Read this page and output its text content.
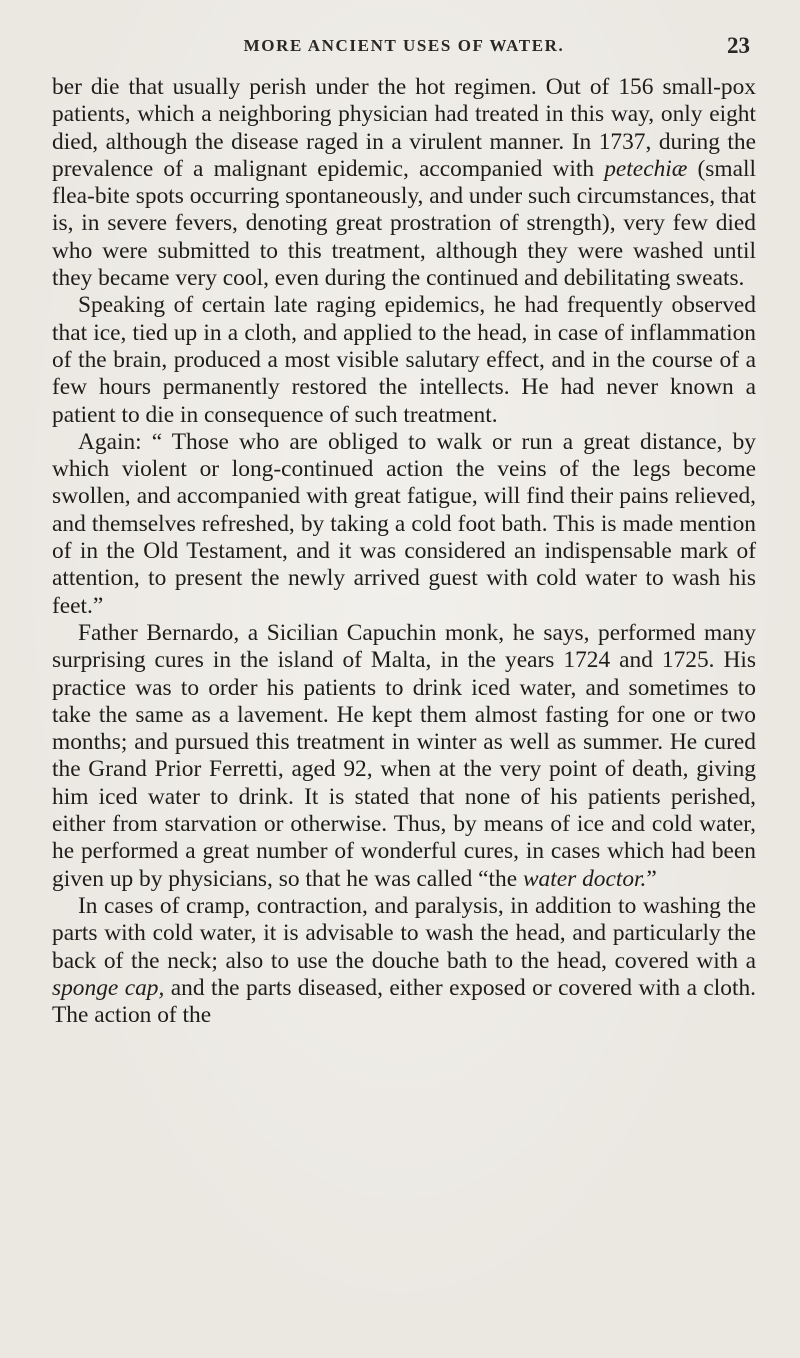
MORE ANCIENT USES OF WATER.	23

ber die that usually perish under the hot regimen. Out of 156 small-pox patients, which a neighboring physician had treated in this way, only eight died, although the disease raged in a virulent manner. In 1737, during the prevalence of a malignant epidemic, accompanied with petechiæ (small flea-bite spots occurring spontaneously, and under such circumstances, that is, in severe fevers, denoting great prostration of strength), very few died who were submitted to this treatment, although they were washed until they became very cool, even during the continued and debilitating sweats.

Speaking of certain late raging epidemics, he had frequently observed that ice, tied up in a cloth, and applied to the head, in case of inflammation of the brain, produced a most visible salutary effect, and in the course of a few hours permanently restored the intellects. He had never known a patient to die in consequence of such treatment.

Again: “ Those who are obliged to walk or run a great distance, by which violent or long-continued action the veins of the legs become swollen, and accompanied with great fatigue, will find their pains relieved, and themselves refreshed, by taking a cold foot bath. This is made mention of in the Old Testament, and it was considered an indispensable mark of attention, to present the newly arrived guest with cold water to wash his feet.”

Father Bernardo, a Sicilian Capuchin monk, he says, performed many surprising cures in the island of Malta, in the years 1724 and 1725. His practice was to order his patients to drink iced water, and sometimes to take the same as a lavement. He kept them almost fasting for one or two months; and pursued this treatment in winter as well as summer. He cured the Grand Prior Ferretti, aged 92, when at the very point of death, giving him iced water to drink. It is stated that none of his patients perished, either from starvation or otherwise. Thus, by means of ice and cold water, he performed a great number of wonderful cures, in cases which had been given up by physicians, so that he was called “the water doctor.”

In cases of cramp, contraction, and paralysis, in addition to washing the parts with cold water, it is advisable to wash the head, and particularly the back of the neck; also to use the douche bath to the head, covered with a sponge cap, and the parts diseased, either exposed or covered with a cloth. The action of the
